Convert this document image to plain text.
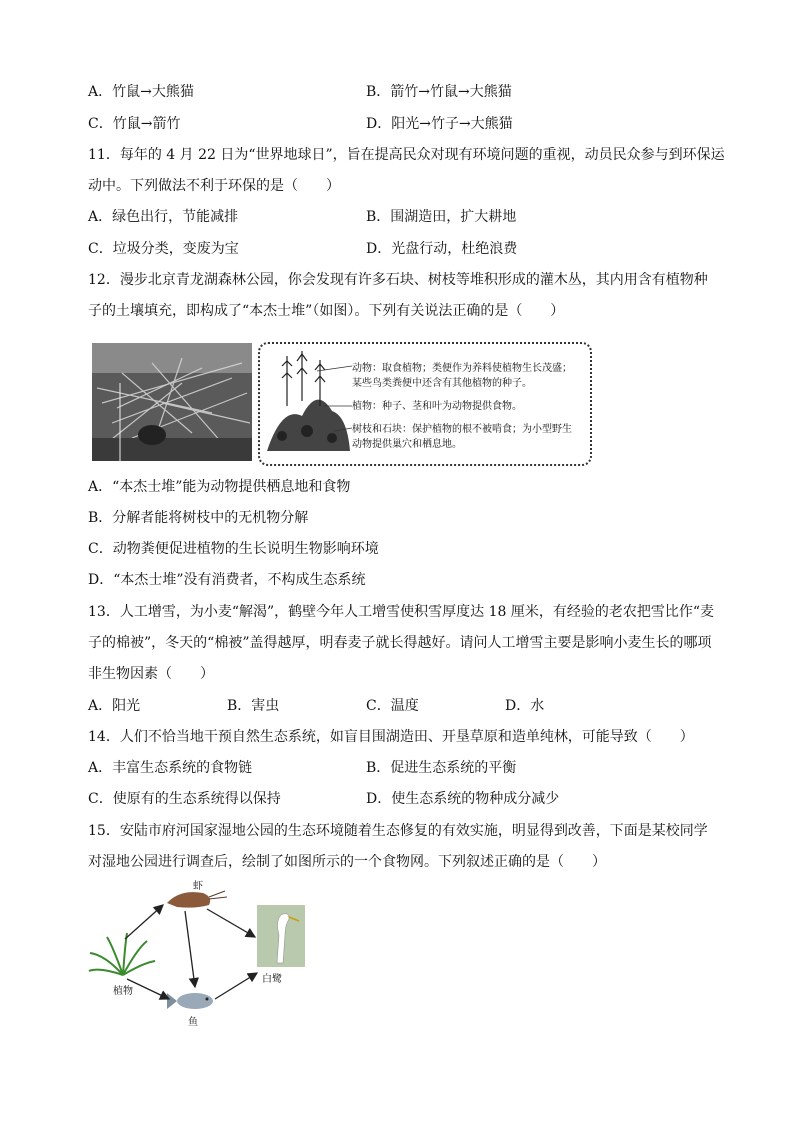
A．竹鼠→大熊猫	B．箭竹→竹鼠→大熊猫
C．竹鼠→箭竹	D．阳光→竹子→大熊猫
11．每年的 4 月 22 日为“世界地球日”，旨在提高民众对现有环境问题的重视，动员民众参与到环保运
动中。下列做法不利于环保的是（　　）
A．绿色出行，节能减排	B．围湖造田，扩大耕地
C．垃圾分类，变废为宝	D．光盘行动，杜绝浪费
12．漫步北京青龙湖森林公园，你会发现有许多石块、树枝等堆积形成的灌木丛，其内用含有植物种
子的土壤填充，即构成了“本杰士堆”（如图）。下列有关说法正确的是（　　）
动物：取食植物；类便作为养料使植物生长茂盛；
某些鸟类粪便中还含有其他植物的种子。
植物：种子、茎和叶为动物提供食物。
树枝和石块：保护植物的根不被啃食；为小型野生
动物提供巢穴和栖息地。
A．“本杰士堆”能为动物提供栖息地和食物
B．分解者能将树枝中的无机物分解
C．动物粪便促进植物的生长说明生物影响环境
D．“本杰士堆”没有消费者，不构成生态系统
13．人工增雪，为小麦“解渴”，鹤壁今年人工增雪使积雪厚度达 18 厘米，有经验的老农把雪比作“麦
子的棉被”，冬天的“棉被”盖得越厚，明春麦子就长得越好。请问人工增雪主要是影响小麦生长的哪项
非生物因素（　　）
A．阳光	B．害虫	C．温度	D．水
14．人们不恰当地干预自然生态系统，如盲目围湖造田、开垦草原和造单纯林，可能导致（　　）
A．丰富生态系统的食物链	B．促进生态系统的平衡
C．使原有的生态系统得以保持	D．使生态系统的物种成分减少
15．安陆市府河国家湿地公园的生态环境随着生态修复的有效实施，明显得到改善，下面是某校同学
对湿地公园进行调查后，绘制了如图所示的一个食物网。下列叙述正确的是（　　）
虾
植物
鱼
白鹭
